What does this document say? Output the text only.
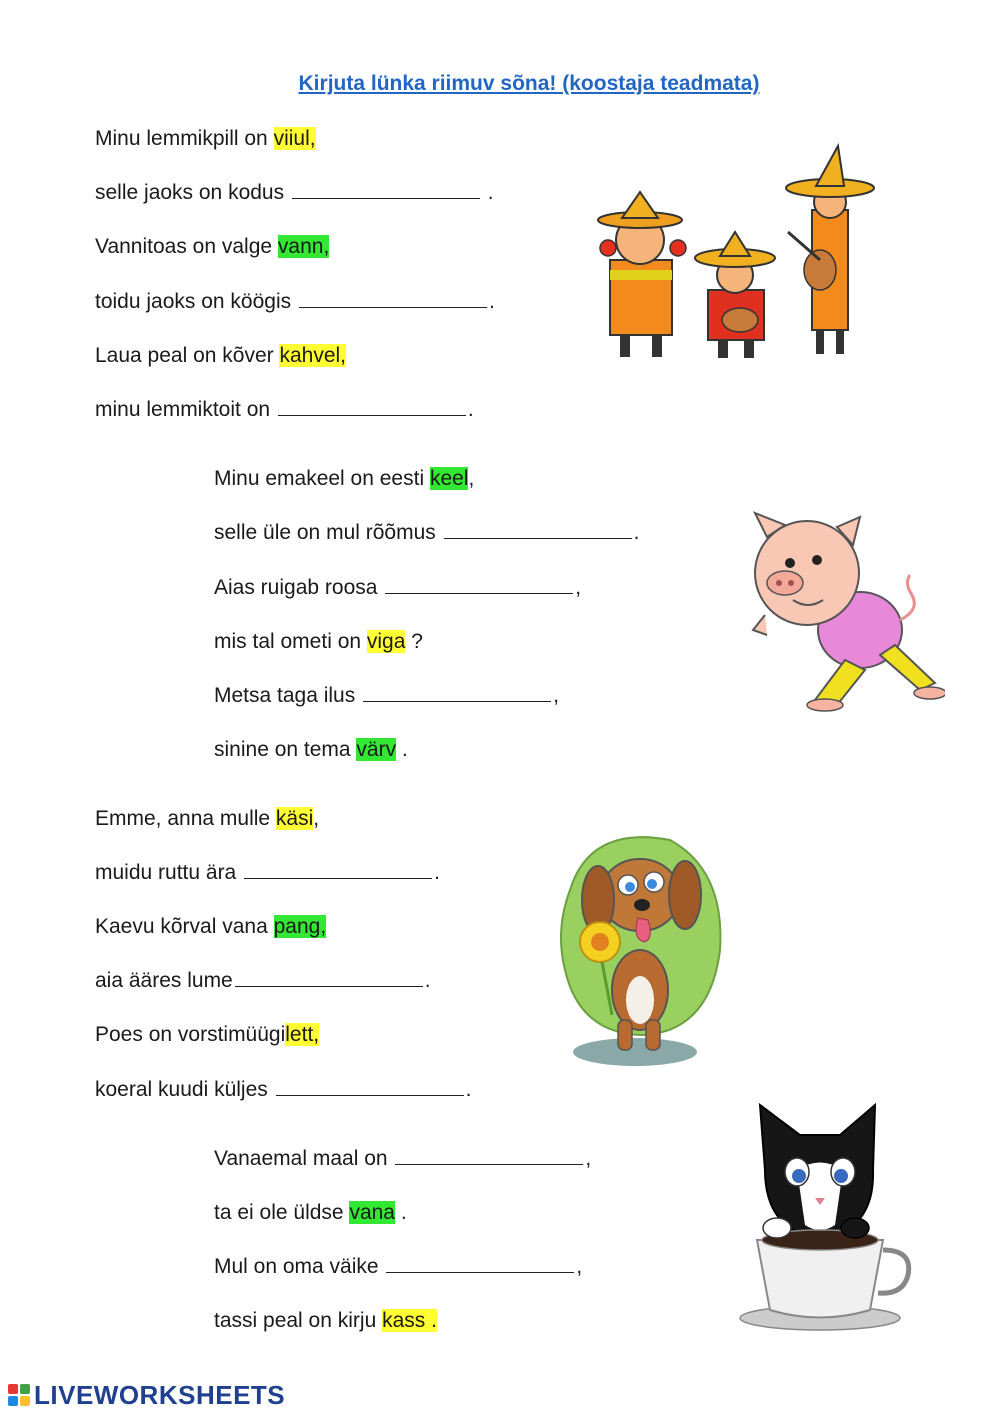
Kirjuta lünka riimuv sõna! (koostaja teadmata)
Minu lemmikpill on viiul,
selle jaoks on kodus	.
Vannitoas on valge vann,
toidu jaoks on köögis	.
Laua peal on kõver kahvel,
minu lemmiktoit on	.
Minu emakeel on eesti keel,
selle üle on mul rõõmus	.
Aias ruigab roosa	,
mis tal ometi on viga ?
Metsa taga ilus	,
sinine on tema värv .
Emme, anna mulle käsi,
muidu ruttu ära	.
Kaevu kõrval vana pang,
aia ääres lume	.
Poes on vorstimüügilett,
koeral kuudi küljes	.
Vanaemal maal on	,
ta ei ole üldse vana .
Mul on oma väike	,
tassi peal on kirju kass .
LIVEWORKSHEETS
